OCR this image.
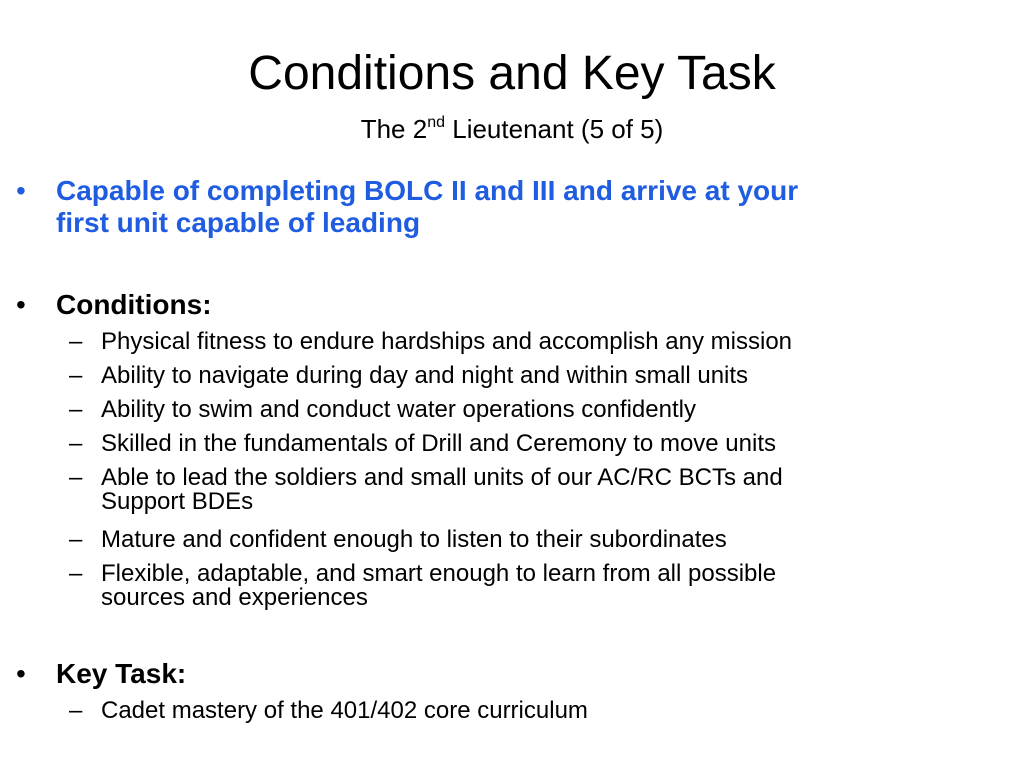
Conditions and Key Task
The 2nd Lieutenant (5 of 5)
• Capable of completing BOLC II and III and arrive at your
first unit capable of leading
• Conditions:
– Physical fitness to endure hardships and accomplish any mission
– Ability to navigate during day and night and within small units
– Ability to swim and conduct water operations confidently
– Skilled in the fundamentals of Drill and Ceremony to move units
– Able to lead the soldiers and small units of our AC/RC BCTs and
Support BDEs
– Mature and confident enough to listen to their subordinates
– Flexible, adaptable, and smart enough to learn from all possible
sources and experiences
• Key Task:
– Cadet mastery of the 401/402 core curriculum
